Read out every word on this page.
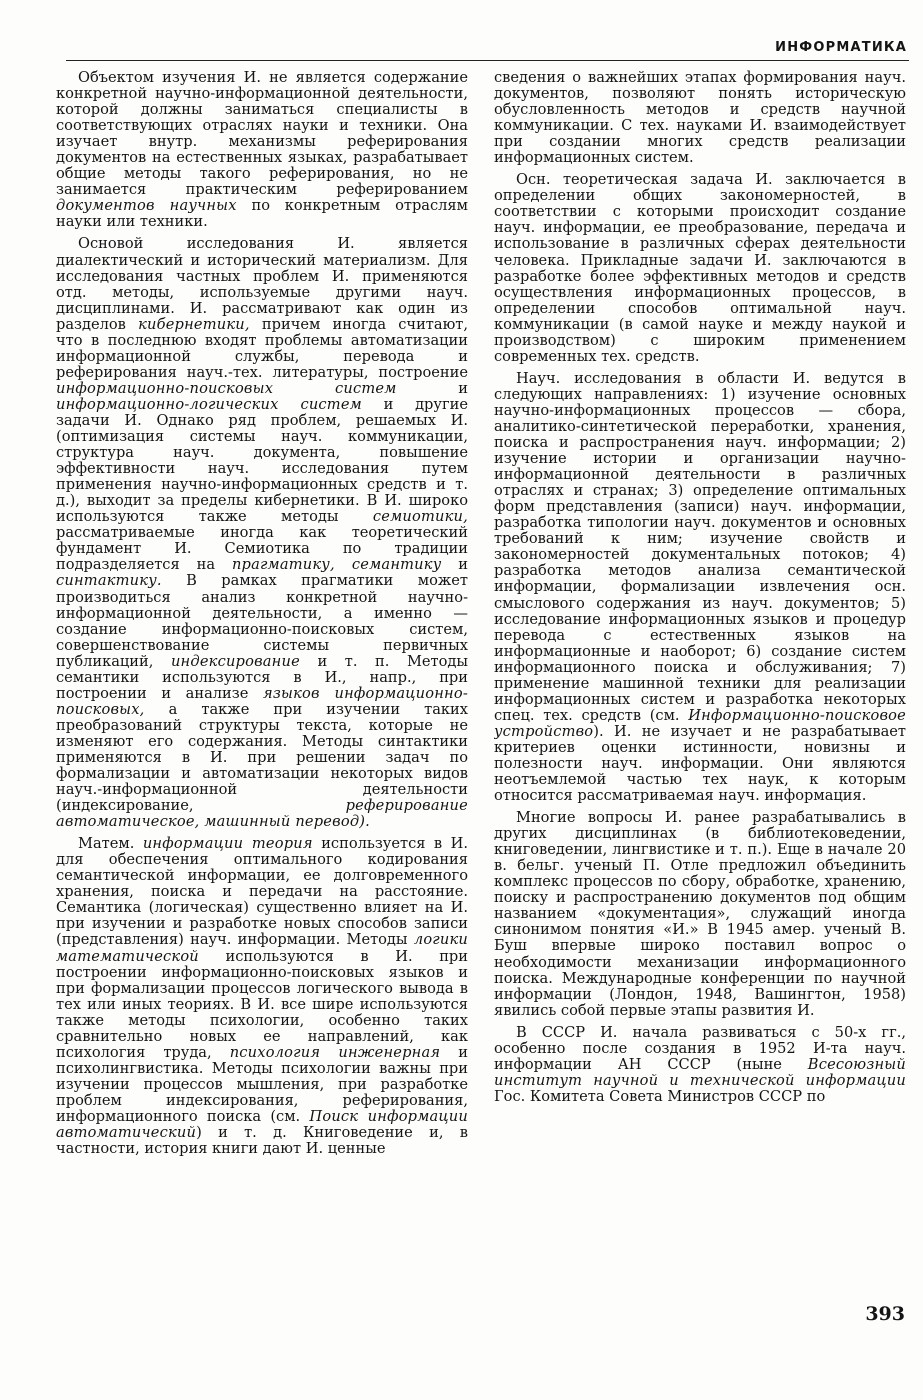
ИНФОРМАТИКА

Объектом изучения И. не является содержание конкретной научно-информационной деятельности, которой должны заниматься специалисты в соответствующих отраслях науки и техники. Она изучает внутр. механизмы реферирования документов на естественных языках, разрабатывает общие методы такого реферирования, но не занимается практическим реферированием документов научных по конкретным отраслям науки или техники.

Основой исследования И. является диалектический и исторический материализм. Для исследования частных проблем И. применяются отд. методы, используемые другими науч. дисциплинами. И. рассматривают как один из разделов кибернетики, причем иногда считают, что в последнюю входят проблемы автоматизации информационной службы, перевода и реферирования науч.-тех. литературы, построение информационно-поисковых систем и информационно-логических систем и другие задачи И. Однако ряд проблем, решаемых И. (оптимизация системы науч. коммуникации, структура науч. документа, повышение эффективности науч. исследования путем применения научно-информационных средств и т. д.), выходит за пределы кибернетики. В И. широко используются также методы семиотики, рассматриваемые иногда как теоретический фундамент И. Семиотика по традиции подразделяется на прагматику, семантику и синтактику. В рамках прагматики может производиться анализ конкретной научно-информационной деятельности, а именно — создание информационно-поисковых систем, совершенствование системы первичных публикаций, индексирование и т. п. Методы семантики используются в И., напр., при построении и анализе языков информационно-поисковых, а также при изучении таких преобразований структуры текста, которые не изменяют его содержания. Методы синтактики применяются в И. при решении задач по формализации и автоматизации некоторых видов науч.-информационной деятельности (индексирование, реферирование автоматическое, машинный перевод).

Матем. информации теория используется в И. для обеспечения оптимального кодирования семантической информации, ее долговременного хранения, поиска и передачи на расстояние. Семантика (логическая) существенно влияет на И. при изучении и разработке новых способов записи (представления) науч. информации. Методы логики математической используются в И. при построении информационно-поисковых языков и при формализации процессов логического вывода в тех или иных теориях. В И. все шире используются также методы психологии, особенно таких сравнительно новых ее направлений, как психология труда, психология инженерная и психолингвистика. Методы психологии важны при изучении процессов мышления, при разработке проблем индексирования, реферирования, информационного поиска (см. Поиск информации автоматический) и т. д. Книговедение и, в частности, история книги дают И. ценные

сведения о важнейших этапах формирования науч. документов, позволяют понять историческую обусловленность методов и средств научной коммуникации. С тех. науками И. взаимодействует при создании многих средств реализации информационных систем.

Осн. теоретическая задача И. заключается в определении общих закономерностей, в соответствии с которыми происходит создание науч. информации, ее преобразование, передача и использование в различных сферах деятельности человека. Прикладные задачи И. заключаются в разработке более эффективных методов и средств осуществления информационных процессов, в определении способов оптимальной науч. коммуникации (в самой науке и между наукой и производством) с широким применением современных тех. средств.

Науч. исследования в области И. ведутся в следующих направлениях: 1) изучение основных научно-информационных процессов — сбора, аналитико-синтетической переработки, хранения, поиска и распространения науч. информации; 2) изучение истории и организации научно-информационной деятельности в различных отраслях и странах; 3) определение оптимальных форм представления (записи) науч. информации, разработка типологии науч. документов и основных требований к ним; изучение свойств и закономерностей документальных потоков; 4) разработка методов анализа семантической информации, формализации извлечения осн. смыслового содержания из науч. документов; 5) исследование информационных языков и процедур перевода с естественных языков на информационные и наоборот; 6) создание систем информационного поиска и обслуживания; 7) применение машинной техники для реализации информационных систем и разработка некоторых спец. тех. средств (см. Информационно-поисковое устройство). И. не изучает и не разрабатывает критериев оценки истинности, новизны и полезности науч. информации. Они являются неотъемлемой частью тех наук, к которым относится рассматриваемая науч. информация.

Многие вопросы И. ранее разрабатывались в других дисциплинах (в библиотековедении, книговедении, лингвистике и т. п.). Еще в начале 20 в. бельг. ученый П. Отле предложил объединить комплекс процессов по сбору, обработке, хранению, поиску и распространению документов под общим названием «документация», служащий иногда синонимом понятия «И.» В 1945 амер. ученый В. Буш впервые широко поставил вопрос о необходимости механизации информационного поиска. Международные конференции по научной информации (Лондон, 1948, Вашингтон, 1958) явились собой первые этапы развития И.

В СССР И. начала развиваться с 50-х гг., особенно после создания в 1952 И-та науч. информации АН СССР (ныне Всесоюзный институт научной и технической информации Гос. Комитета Совета Министров СССР по

393
